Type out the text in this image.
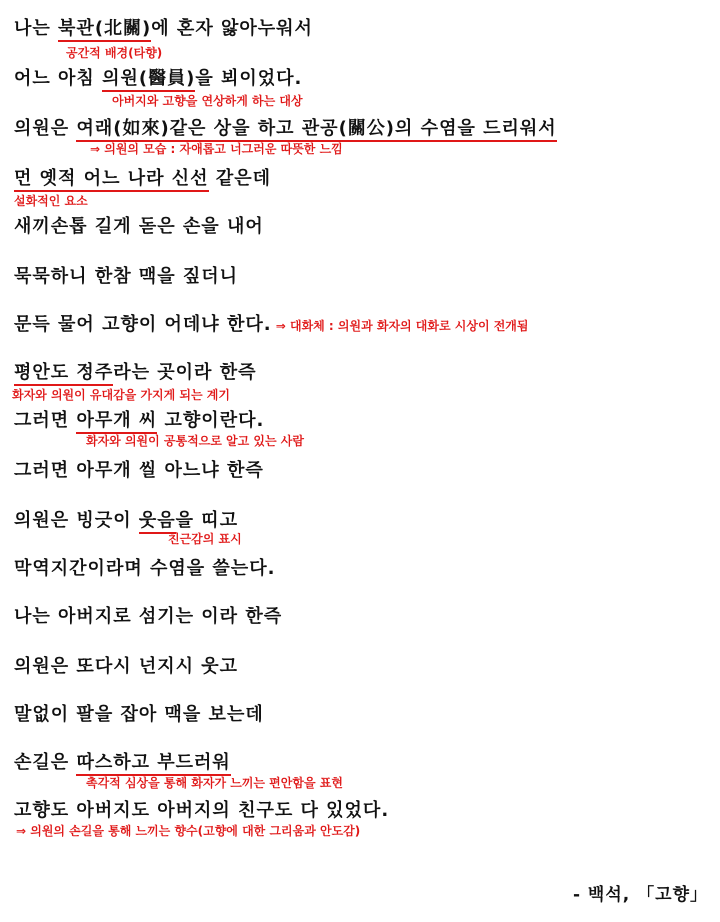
나는 북관(北關)에 혼자 앓아누워서
공간적 배경(타향)
어느 아침 의원(醫員)을 뵈이었다.
아버지와 고향을 연상하게 하는 대상
의원은 여래(如來)같은 상을 하고 관공(關公)의 수염을 드리워서
⇒ 의원의 모습 : 자애롭고 너그러운 따뜻한 느낌
먼 옛적 어느 나라 신선 같은데
설화적인 요소
새끼손톱 길게 돋은 손을 내어
묵묵하니 한참 맥을 짚더니
문득 물어 고향이 어데냐 한다. ⇒ 대화체 : 의원과 화자의 대화로 시상이 전개됨
평안도 정주라는 곳이라 한즉
화자와 의원이 유대감을 가지게 되는 계기
그러면 아무개 씨 고향이란다.
화자와 의원이 공통적으로 알고 있는 사람
그러면 아무개 씰 아느냐 한즉
의원은 빙긋이 웃음을 띠고
친근감의 표시
막역지간이라며 수염을 쓸는다.
나는 아버지로 섬기는 이라 한즉
의원은 또다시 넌지시 웃고
말없이 팔을 잡아 맥을 보는데
손길은 따스하고 부드러워
촉각적 심상을 통해 화자가 느끼는 편안함을 표현
고향도 아버지도 아버지의 친구도 다 있었다.
⇒ 의원의 손길을 통해 느끼는 향수(고향에 대한 그리움과 안도감)
- 백석, 「고향」
